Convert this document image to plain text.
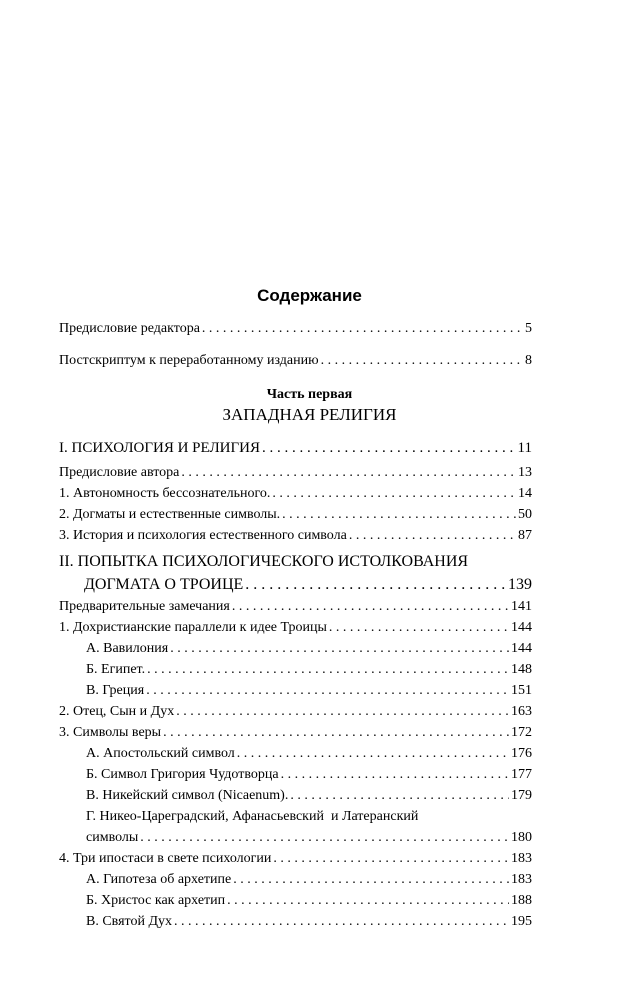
Содержание
Предисловие редактора . . .	5
Постскриптум к переработанному изданию . . .	8
Часть первая
ЗАПАДНАЯ РЕЛИГИЯ
I. ПСИХОЛОГИЯ И РЕЛИГИЯ . . .	11
Предисловие автора . . .	13
1. Автономность бессознательного. . . .	14
2. Догматы и естественные символы. . . .	50
3. История и психология естественного символа . . .	87
II. ПОПЫТКА ПСИХОЛОГИЧЕСКОГО ИСТОЛКОВАНИЯ
ДОГМАТА О ТРОИЦЕ . . .	139
Предварительные замечания . . .	141
1. Дохристианские параллели к идее Троицы . . .	144
А. Вавилония . . .	144
Б. Египет. . . .	148
В. Греция . . .	151
2. Отец, Сын и Дух . . .	163
3. Символы веры . . .	172
А. Апостольский символ . . .	176
Б. Символ Григория Чудотворца . . .	177
В. Никейский символ (Nicaenum). . . .	179
Г. Никео-Цареградский, Афанасьевский  и Латеранский
символы . . .	180
4. Три ипостаси в свете психологии . . .	183
А. Гипотеза об архетипе . . .	183
Б. Христос как архетип . . .	188
В. Святой Дух . . .	195
